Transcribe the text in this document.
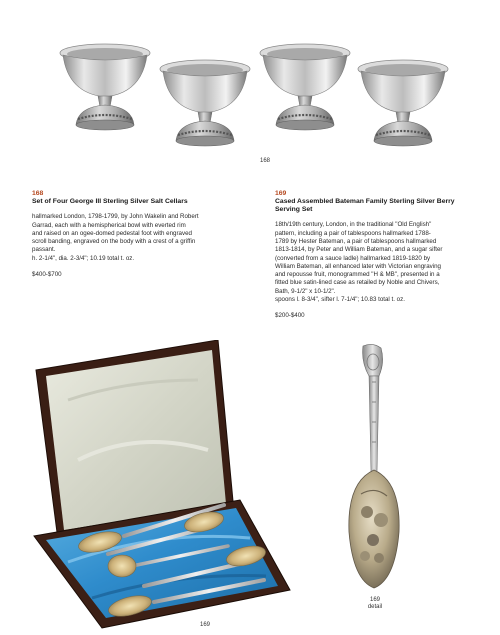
168
168
Set of Four George III Sterling Silver Salt Cellars
hallmarked London, 1798-1799, by John Wakelin and Robert
Garrad, each with a hemispherical bowl with everted rim
and raised on an ogee-domed pedestal foot with engraved
scroll banding, engraved on the body with a crest of a griffin
passant.
h. 2-1/4", dia. 2-3/4"; 10.19 total t. oz.
$400-$700
169
Cased Assembled Bateman Family Sterling Silver Berry
Serving Set
18th/19th century, London, in the traditional "Old English"
pattern, including a pair of tablespoons hallmarked 1788-
1789 by Hester Bateman, a pair of tablespoons hallmarked
1813-1814, by Peter and William Bateman, and a sugar sifter
(converted from a sauce ladle) hallmarked 1819-1820 by
William Bateman, all enhanced later with Victorian engraving
and repousse fruit, monogrammed "H & MB", presented in a
fitted blue satin-lined case as retailed by Noble and Chivers,
Bath, 9-1/2" x 10-1/2".
spoons l. 8-3/4", sifter l. 7-1/4"; 10.83 total t. oz.
$200-$400
169
169
detail
